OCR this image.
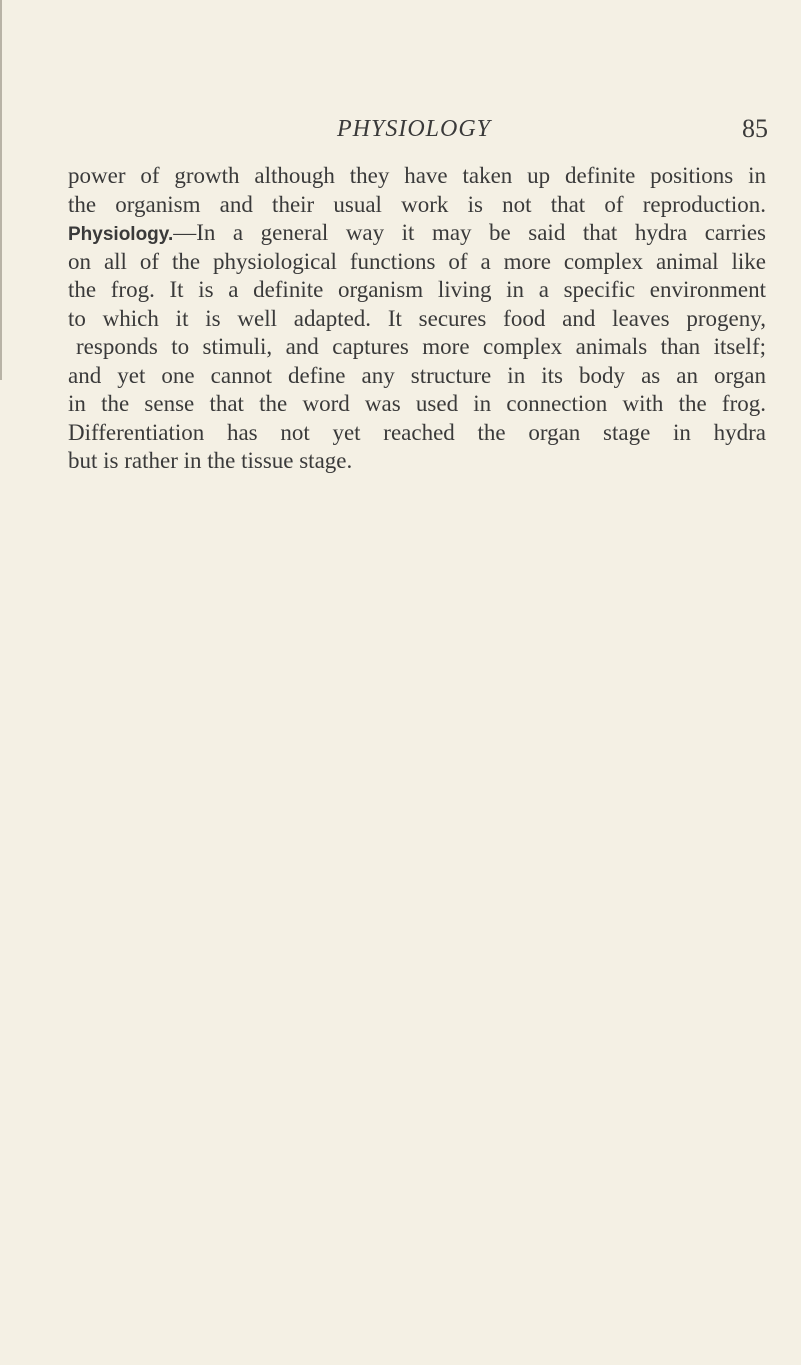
PHYSIOLOGY	85
power of growth although they have taken up definite positions in
the organism and their usual work is not that of reproduction.
Physiology.—In a general way it may be said that hydra carries
on all of the physiological functions of a more complex animal like
the frog. It is a definite organism living in a specific environment
to which it is well adapted. It secures food and leaves progeny,
responds to stimuli, and captures more complex animals than itself;
and yet one cannot define any structure in its body as an organ
in the sense that the word was used in connection with the frog.
Differentiation has not yet reached the organ stage in hydra
but is rather in the tissue stage.
